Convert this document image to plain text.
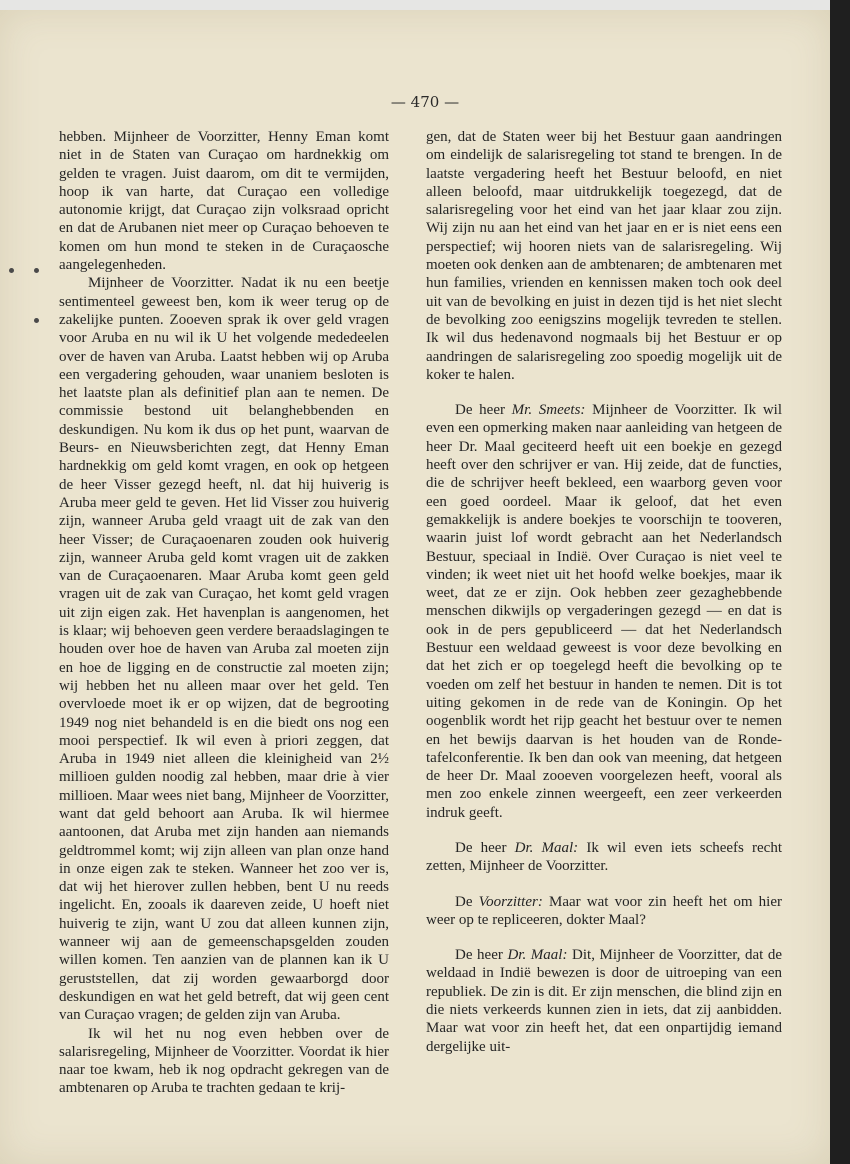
— 470 —

hebben. Mijnheer de Voorzitter, Henny Eman komt niet in de Staten van Curaçao om hardnekkig om gelden te vragen. Juist daarom, om dit te vermijden, hoop ik van harte, dat Curaçao een volledige autonomie krijgt, dat Curaçao zijn volksraad opricht en dat de Arubanen niet meer op Curaçao behoeven te komen om hun mond te steken in de Curaçaosche aangelegenheden.

Mijnheer de Voorzitter. Nadat ik nu een beetje sentimenteel geweest ben, kom ik weer terug op de zakelijke punten. Zooeven sprak ik over geld vragen voor Aruba en nu wil ik U het volgende mededeelen over de haven van Aruba. Laatst hebben wij op Aruba een vergadering gehouden, waar unaniem besloten is het laatste plan als definitief plan aan te nemen. De commissie bestond uit belanghebbenden en deskundigen. Nu kom ik dus op het punt, waarvan de Beurs- en Nieuwsberichten zegt, dat Henny Eman hardnekkig om geld komt vragen, en ook op hetgeen de heer Visser gezegd heeft, nl. dat hij huiverig is Aruba meer geld te geven. Het lid Visser zou huiverig zijn, wanneer Aruba geld vraagt uit de zak van den heer Visser; de Curaçaoenaren zouden ook huiverig zijn, wanneer Aruba geld komt vragen uit de zakken van de Curaçaoenaren. Maar Aruba komt geen geld vragen uit de zak van Curaçao, het komt geld vragen uit zijn eigen zak. Het havenplan is aangenomen, het is klaar; wij behoeven geen verdere beraadslagingen te houden over hoe de haven van Aruba zal moeten zijn en hoe de ligging en de constructie zal moeten zijn; wij hebben het nu alleen maar over het geld. Ten overvloede moet ik er op wijzen, dat de begrooting 1949 nog niet behandeld is en die biedt ons nog een mooi perspectief. Ik wil even à priori zeggen, dat Aruba in 1949 niet alleen die kleinigheid van 2½ millioen gulden noodig zal hebben, maar drie à vier millioen. Maar wees niet bang, Mijnheer de Voorzitter, want dat geld behoort aan Aruba. Ik wil hiermee aantoonen, dat Aruba met zijn handen aan niemands geldtrommel komt; wij zijn alleen van plan onze hand in onze eigen zak te steken. Wanneer het zoo ver is, dat wij het hierover zullen hebben, bent U nu reeds ingelicht. En, zooals ik daareven zeide, U hoeft niet huiverig te zijn, want U zou dat alleen kunnen zijn, wanneer wij aan de gemeenschapsgelden zouden willen komen. Ten aanzien van de plannen kan ik U geruststellen, dat zij worden gewaarborgd door deskundigen en wat het geld betreft, dat wij geen cent van Curaçao vragen; de gelden zijn van Aruba.

Ik wil het nu nog even hebben over de salarisregeling, Mijnheer de Voorzitter. Voordat ik hier naar toe kwam, heb ik nog opdracht gekregen van de ambtenaren op Aruba te trachten gedaan te krij-

gen, dat de Staten weer bij het Bestuur gaan aandringen om eindelijk de salarisregeling tot stand te brengen. In de laatste vergadering heeft het Bestuur beloofd, en niet alleen beloofd, maar uitdrukkelijk toegezegd, dat de salarisregeling voor het eind van het jaar klaar zou zijn. Wij zijn nu aan het eind van het jaar en er is niet eens een perspectief; wij hooren niets van de salarisregeling. Wij moeten ook denken aan de ambtenaren; de ambtenaren met hun families, vrienden en kennissen maken toch ook deel uit van de bevolking en juist in dezen tijd is het niet slecht de bevolking zoo eenigszins mogelijk tevreden te stellen. Ik wil dus hedenavond nogmaals bij het Bestuur er op aandringen de salarisregeling zoo spoedig mogelijk uit de koker te halen.

De heer Mr. Smeets: Mijnheer de Voorzitter. Ik wil even een opmerking maken naar aanleiding van hetgeen de heer Dr. Maal geciteerd heeft uit een boekje en gezegd heeft over den schrijver er van. Hij zeide, dat de functies, die de schrijver heeft bekleed, een waarborg geven voor een goed oordeel. Maar ik geloof, dat het even gemakkelijk is andere boekjes te voorschijn te tooveren, waarin juist lof wordt gebracht aan het Nederlandsch Bestuur, speciaal in Indië. Over Curaçao is niet veel te vinden; ik weet niet uit het hoofd welke boekjes, maar ik weet, dat ze er zijn. Ook hebben zeer gezaghebbende menschen dikwijls op vergaderingen gezegd — en dat is ook in de pers gepubliceerd — dat het Nederlandsch Bestuur een weldaad geweest is voor deze bevolking en dat het zich er op toegelegd heeft die bevolking op te voeden om zelf het bestuur in handen te nemen. Dit is tot uiting gekomen in de rede van de Koningin. Op het oogenblik wordt het rijp geacht het bestuur over te nemen en het bewijs daarvan is het houden van de Ronde-tafelconferentie. Ik ben dan ook van meening, dat hetgeen de heer Dr. Maal zooeven voorgelezen heeft, vooral als men zoo enkele zinnen weergeeft, een zeer verkeerden indruk geeft.

De heer Dr. Maal: Ik wil even iets scheefs recht zetten, Mijnheer de Voorzitter.

De Voorzitter: Maar wat voor zin heeft het om hier weer op te repliceeren, dokter Maal?

De heer Dr. Maal: Dit, Mijnheer de Voorzitter, dat de weldaad in Indië bewezen is door de uitroeping van een republiek. De zin is dit. Er zijn menschen, die blind zijn en die niets verkeerds kunnen zien in iets, dat zij aanbidden. Maar wat voor zin heeft het, dat een onpartijdig iemand dergelijke uit-
